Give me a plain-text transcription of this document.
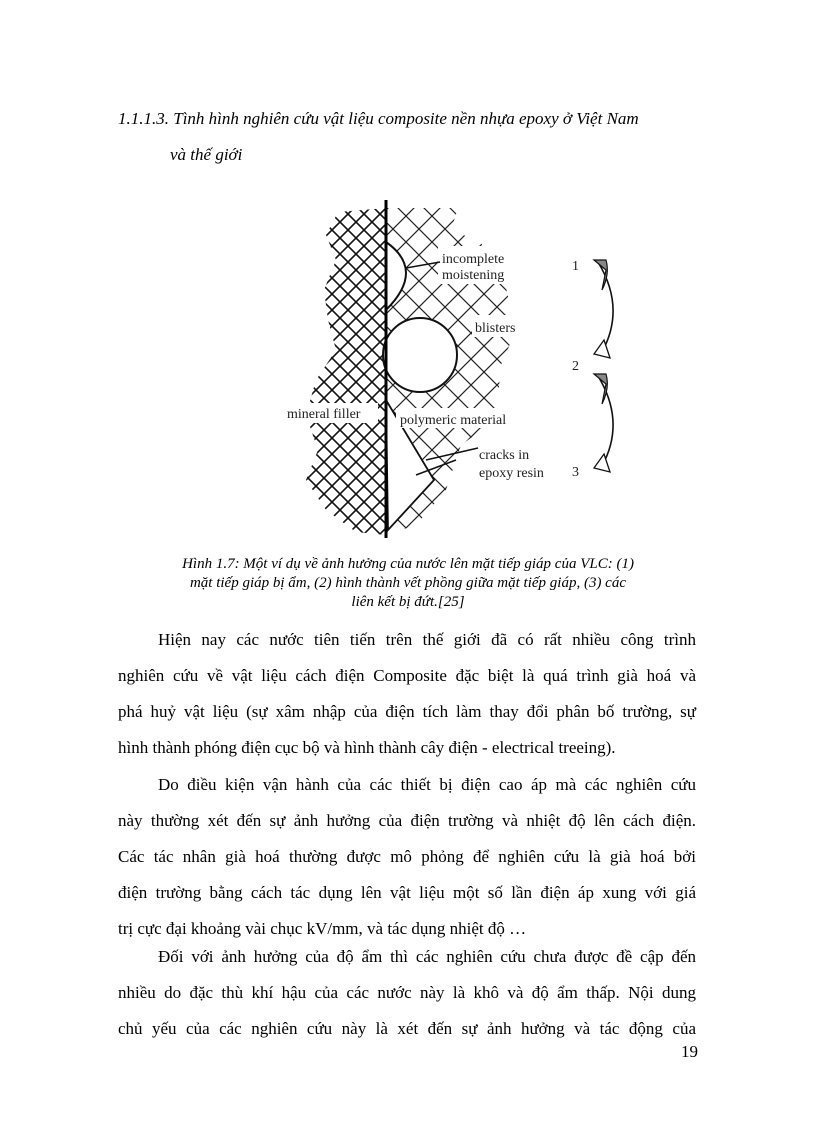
1.1.1.3. Tình hình nghiên cứu vật liệu composite nền nhựa epoxy ở Việt Nam
và thế giới
incomplete
moistening
blisters
mineral filler	polymeric material
cracks in
epoxy resin
1
2
3
Hình 1.7: Một ví dụ về ảnh hưởng của nước lên mặt tiếp giáp của VLC: (1)
mặt tiếp giáp bị ẩm, (2) hình thành vết phồng giữa mặt tiếp giáp, (3) các
liên kết bị đứt.[25]
Hiện nay các nước tiên tiến trên thế giới đã có rất nhiều công trình
nghiên cứu về vật liệu cách điện Composite đặc biệt là quá trình già hoá và
phá huỷ vật liệu (sự xâm nhập của điện tích làm thay đổi phân bố trường, sự
hình thành phóng điện cục bộ và hình thành cây điện - electrical treeing).
Do điều kiện vận hành của các thiết bị điện cao áp mà các nghiên cứu
này thường xét đến sự ảnh hưởng của điện trường và nhiệt độ lên cách điện.
Các tác nhân già hoá thường được mô phỏng để nghiên cứu là già hoá bởi
điện trường bằng cách tác dụng lên vật liệu một số lần điện áp xung với giá
trị cực đại khoảng vài chục kV/mm, và tác dụng nhiệt độ …
Đối với ảnh hưởng của độ ẩm thì các nghiên cứu chưa được đề cập đến
nhiều do đặc thù khí hậu của các nước này là khô và độ ẩm thấp. Nội dung
chủ yếu của các nghiên cứu này là xét đến sự ảnh hưởng và tác động của
19
